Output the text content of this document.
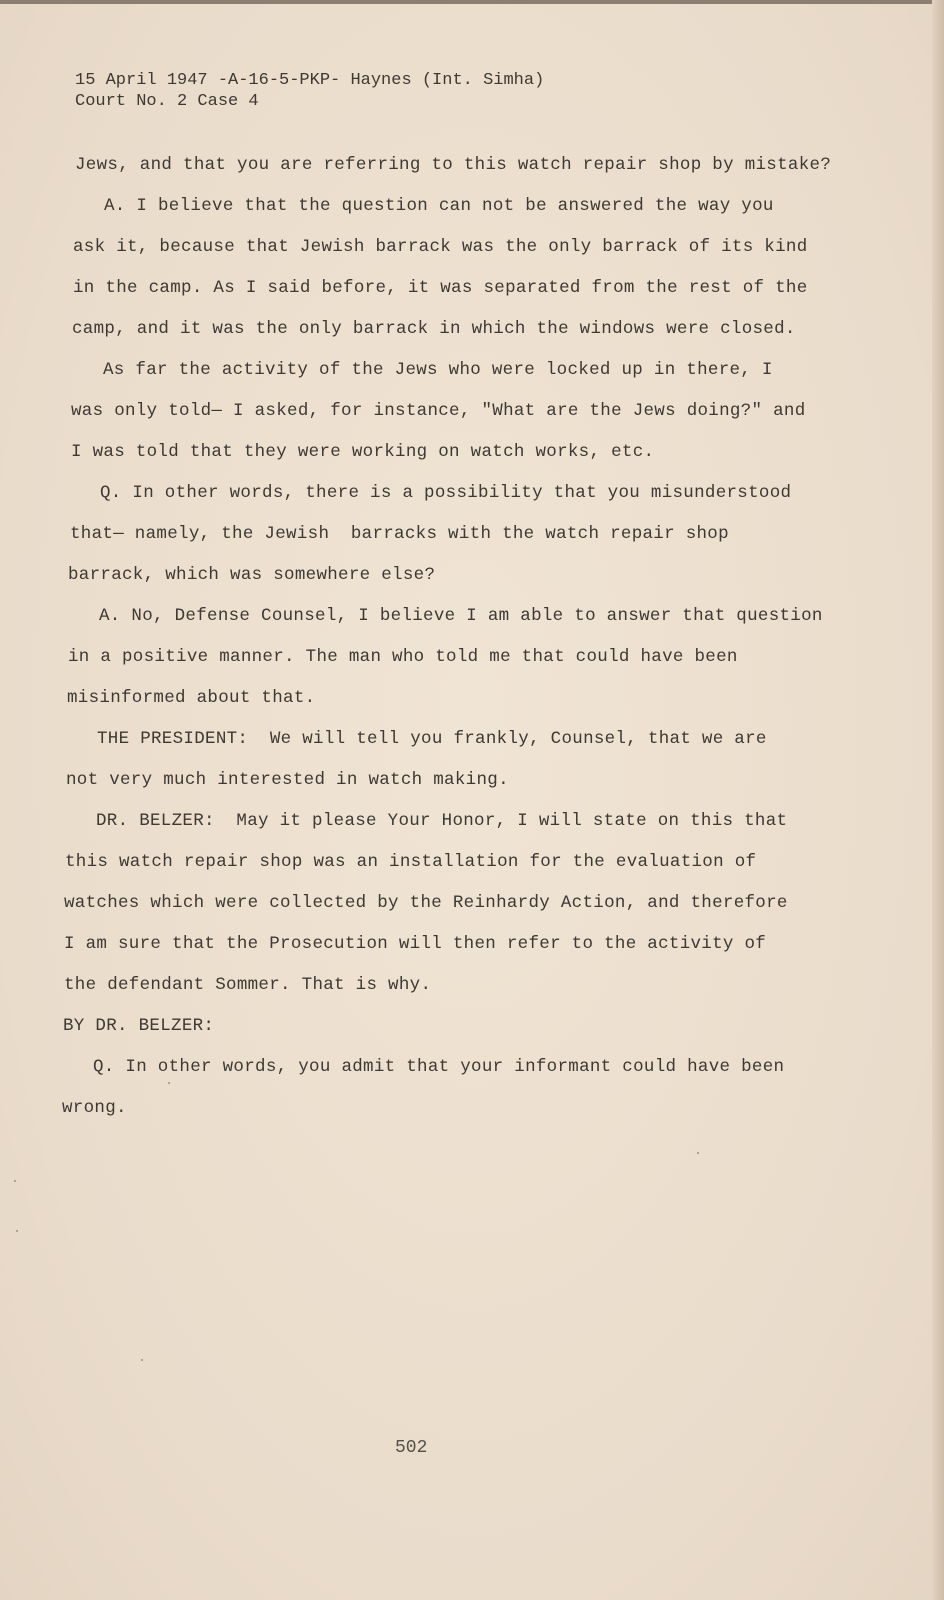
15 April 1947 -A-16-5-PKP- Haynes (Int. Simha)
Court No. 2 Case 4
Jews, and that you are referring to this watch repair shop by mistake?
A. I believe that the question can not be answered the way you
ask it, because that Jewish barrack was the only barrack of its kind
in the camp. As I said before, it was separated from the rest of the
camp, and it was the only barrack in which the windows were closed.
As far the activity of the Jews who were locked up in there, I
was only told— I asked, for instance, "What are the Jews doing?" and
I was told that they were working on watch works, etc.
Q. In other words, there is a possibility that you misunderstood
that— namely, the Jewish  barracks with the watch repair shop
barrack, which was somewhere else?
A. No, Defense Counsel, I believe I am able to answer that question
in a positive manner. The man who told me that could have been
misinformed about that.
THE PRESIDENT:  We will tell you frankly, Counsel, that we are
not very much interested in watch making.
DR. BELZER:  May it please Your Honor, I will state on this that
this watch repair shop was an installation for the evaluation of
watches which were collected by the Reinhardy Action, and therefore
I am sure that the Prosecution will then refer to the activity of
the defendant Sommer. That is why.
BY DR. BELZER:
Q. In other words, you admit that your informant could have been
wrong.
502
